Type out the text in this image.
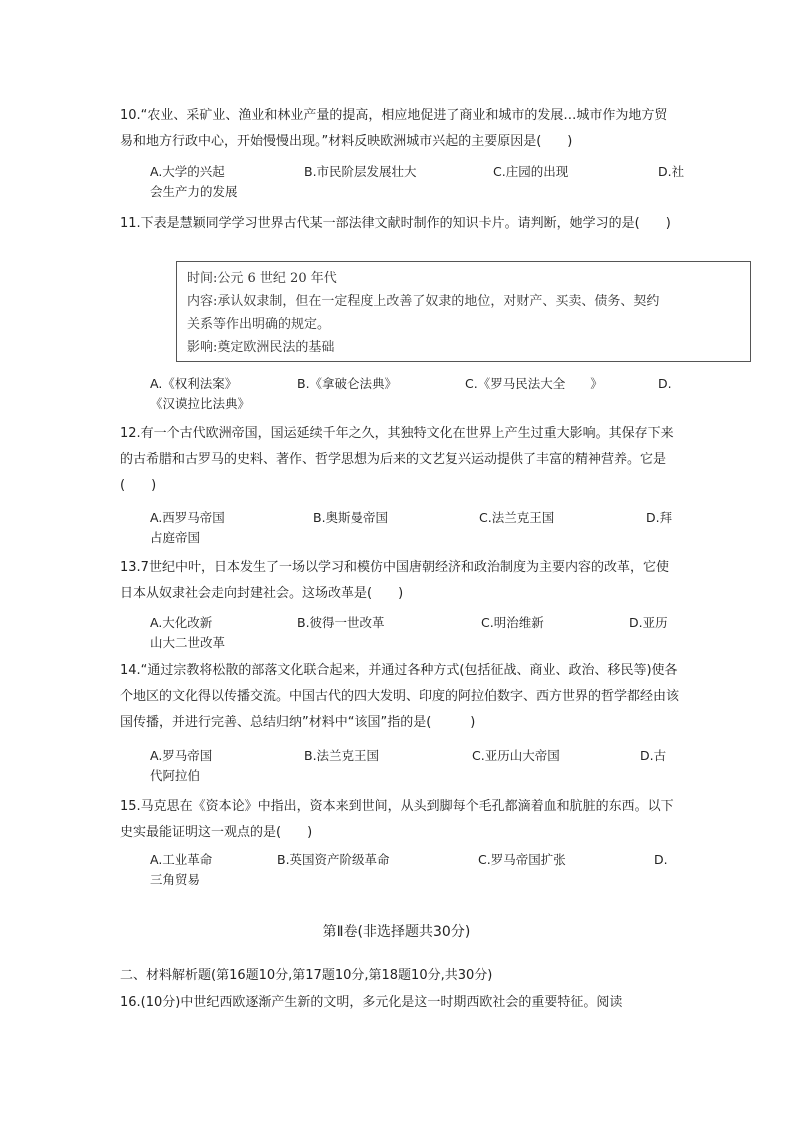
10.“农业、采矿业、渔业和林业产量的提高，相应地促进了商业和城市的发展…城市作为地方贸易和地方行政中心，开始慢慢出现。”材料反映欧洲城市兴起的主要原因是(　　)

A.大学的兴起	B.市民阶层发展壮大	C.庄园的出现	D.社
会生产力的发展

11.下表是慧颖同学学习世界古代某一部法律文献时制作的知识卡片。请判断，她学习的是(　　)

时间:公元 6 世纪 20 年代
内容:承认奴隶制，但在一定程度上改善了奴隶的地位，对财产、买卖、债务、契约
关系等作出明确的规定。
影响:奠定欧洲民法的基础
A.《权利法案》	B.《拿破仑法典》	C.《罗马民法大全　　》	D.
《汉谟拉比法典》

12.有一个古代欧洲帝国，国运延续千年之久，其独特文化在世界上产生过重大影响。其保存下来的古希腊和古罗马的史料、著作、哲学思想为后来的文艺复兴运动提供了丰富的精神营养。它是(　　)

A.西罗马帝国	B.奥斯曼帝国	C.法兰克王国	D.拜
占庭帝国

13.7世纪中叶，日本发生了一场以学习和模仿中国唐朝经济和政治制度为主要内容的改革，它使日本从奴隶社会走向封建社会。这场改革是(　　)

A.大化改新	B.彼得一世改革	C.明治维新	D.亚历
山大二世改革

14.“通过宗教将松散的部落文化联合起来，并通过各种方式(包括征战、商业、政治、移民等)使各个地区的文化得以传播交流。中国古代的四大发明、印度的阿拉伯数字、西方世界的哲学都经由该国传播，并进行完善、总结归纳”材料中“该国”指的是(　　　)

A.罗马帝国	B.法兰克王国	C.亚历山大帝国	D.古
代阿拉伯

15.马克思在《资本论》中指出，资本来到世间，从头到脚每个毛孔都滴着血和肮脏的东西。以下史实最能证明这一观点的是(　　)

A.工业革命	B.英国资产阶级革命	C.罗马帝国扩张	D.
三角贸易
第Ⅱ卷(非选择题共30分)
二、材料解析题(第16题10分,第17题10分,第18题10分,共30分)

16.(10分)中世纪西欧逐渐产生新的文明，多元化是这一时期西欧社会的重要特征。阅读
